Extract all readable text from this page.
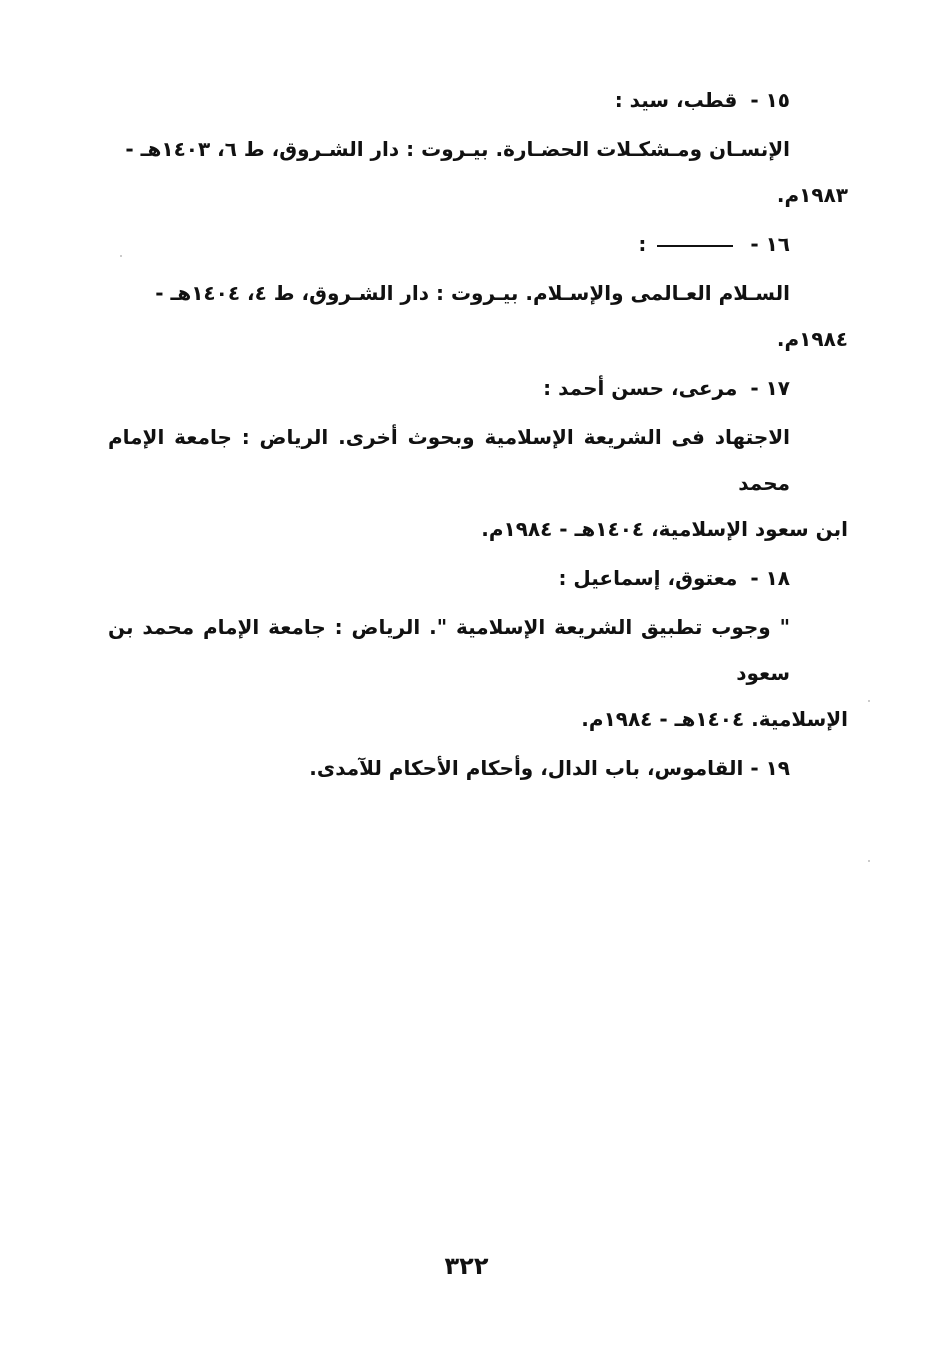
١٥ - قطب، سيد :
الإنسـان ومـشكـلات الحضـارة. بيـروت : دار الشـروق، ط ٦، ١٤٠٣هـ -
١٩٨٣م.
١٦ -  :
السـلام العـالمى والإسـلام. بيـروت : دار الشـروق، ط ٤، ١٤٠٤هـ -
١٩٨٤م.
١٧ - مرعى، حسن أحمد :
الاجتهاد فى الشريعة الإسلامية وبحوث أخرى. الرياض : جامعة الإمام محمد
ابن سعود الإسلامية، ١٤٠٤هـ - ١٩٨٤م.
١٨ - معتوق، إسماعيل :
" وجوب تطبيق الشريعة الإسلامية ". الرياض : جامعة الإمام محمد بن سعود
الإسلامية. ١٤٠٤هـ - ١٩٨٤م.
١٩ - القاموس، باب الدال، وأحكام الأحكام للآمدى.
٣٢٢
